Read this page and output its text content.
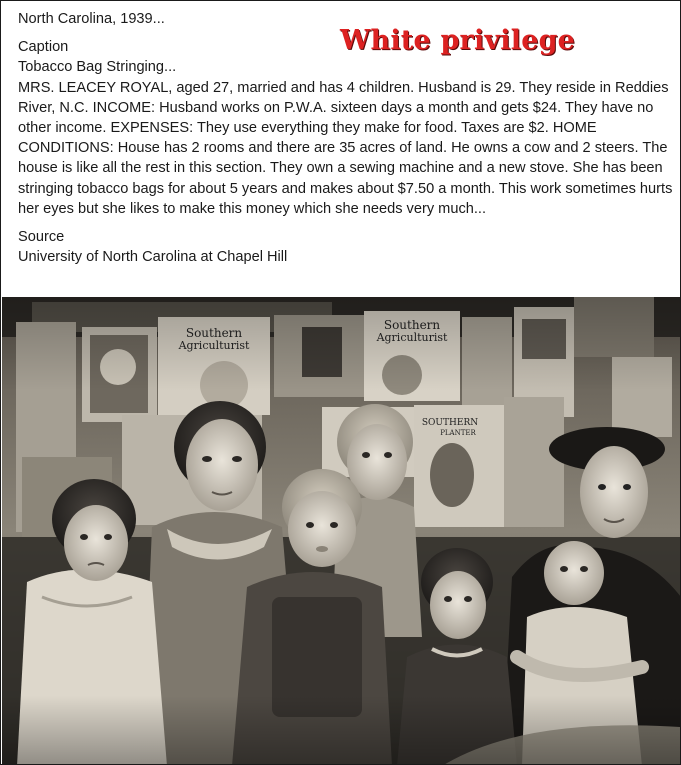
North Carolina, 1939...

Caption

Tobacco Bag Stringing...

MRS. LEACEY ROYAL, aged 27, married and has 4 children. Husband is 29. They reside in Reddies River, N.C. INCOME: Husband works on P.W.A. sixteen days a month and gets $24. They have no other income. EXPENSES: They use everything they make for food. Taxes are $2. HOME CONDITIONS: House has 2 rooms and there are 35 acres of land. He owns a cow and 2 steers. The house is like all the rest in this section. They own a sewing machine and a new stove. She has been stringing tobacco bags for about 5 years and makes about $7.50 a month. This work sometimes hurts her eyes but she likes to make this money which she needs very much...

Source

University of North Carolina at Chapel Hill

White privilege
